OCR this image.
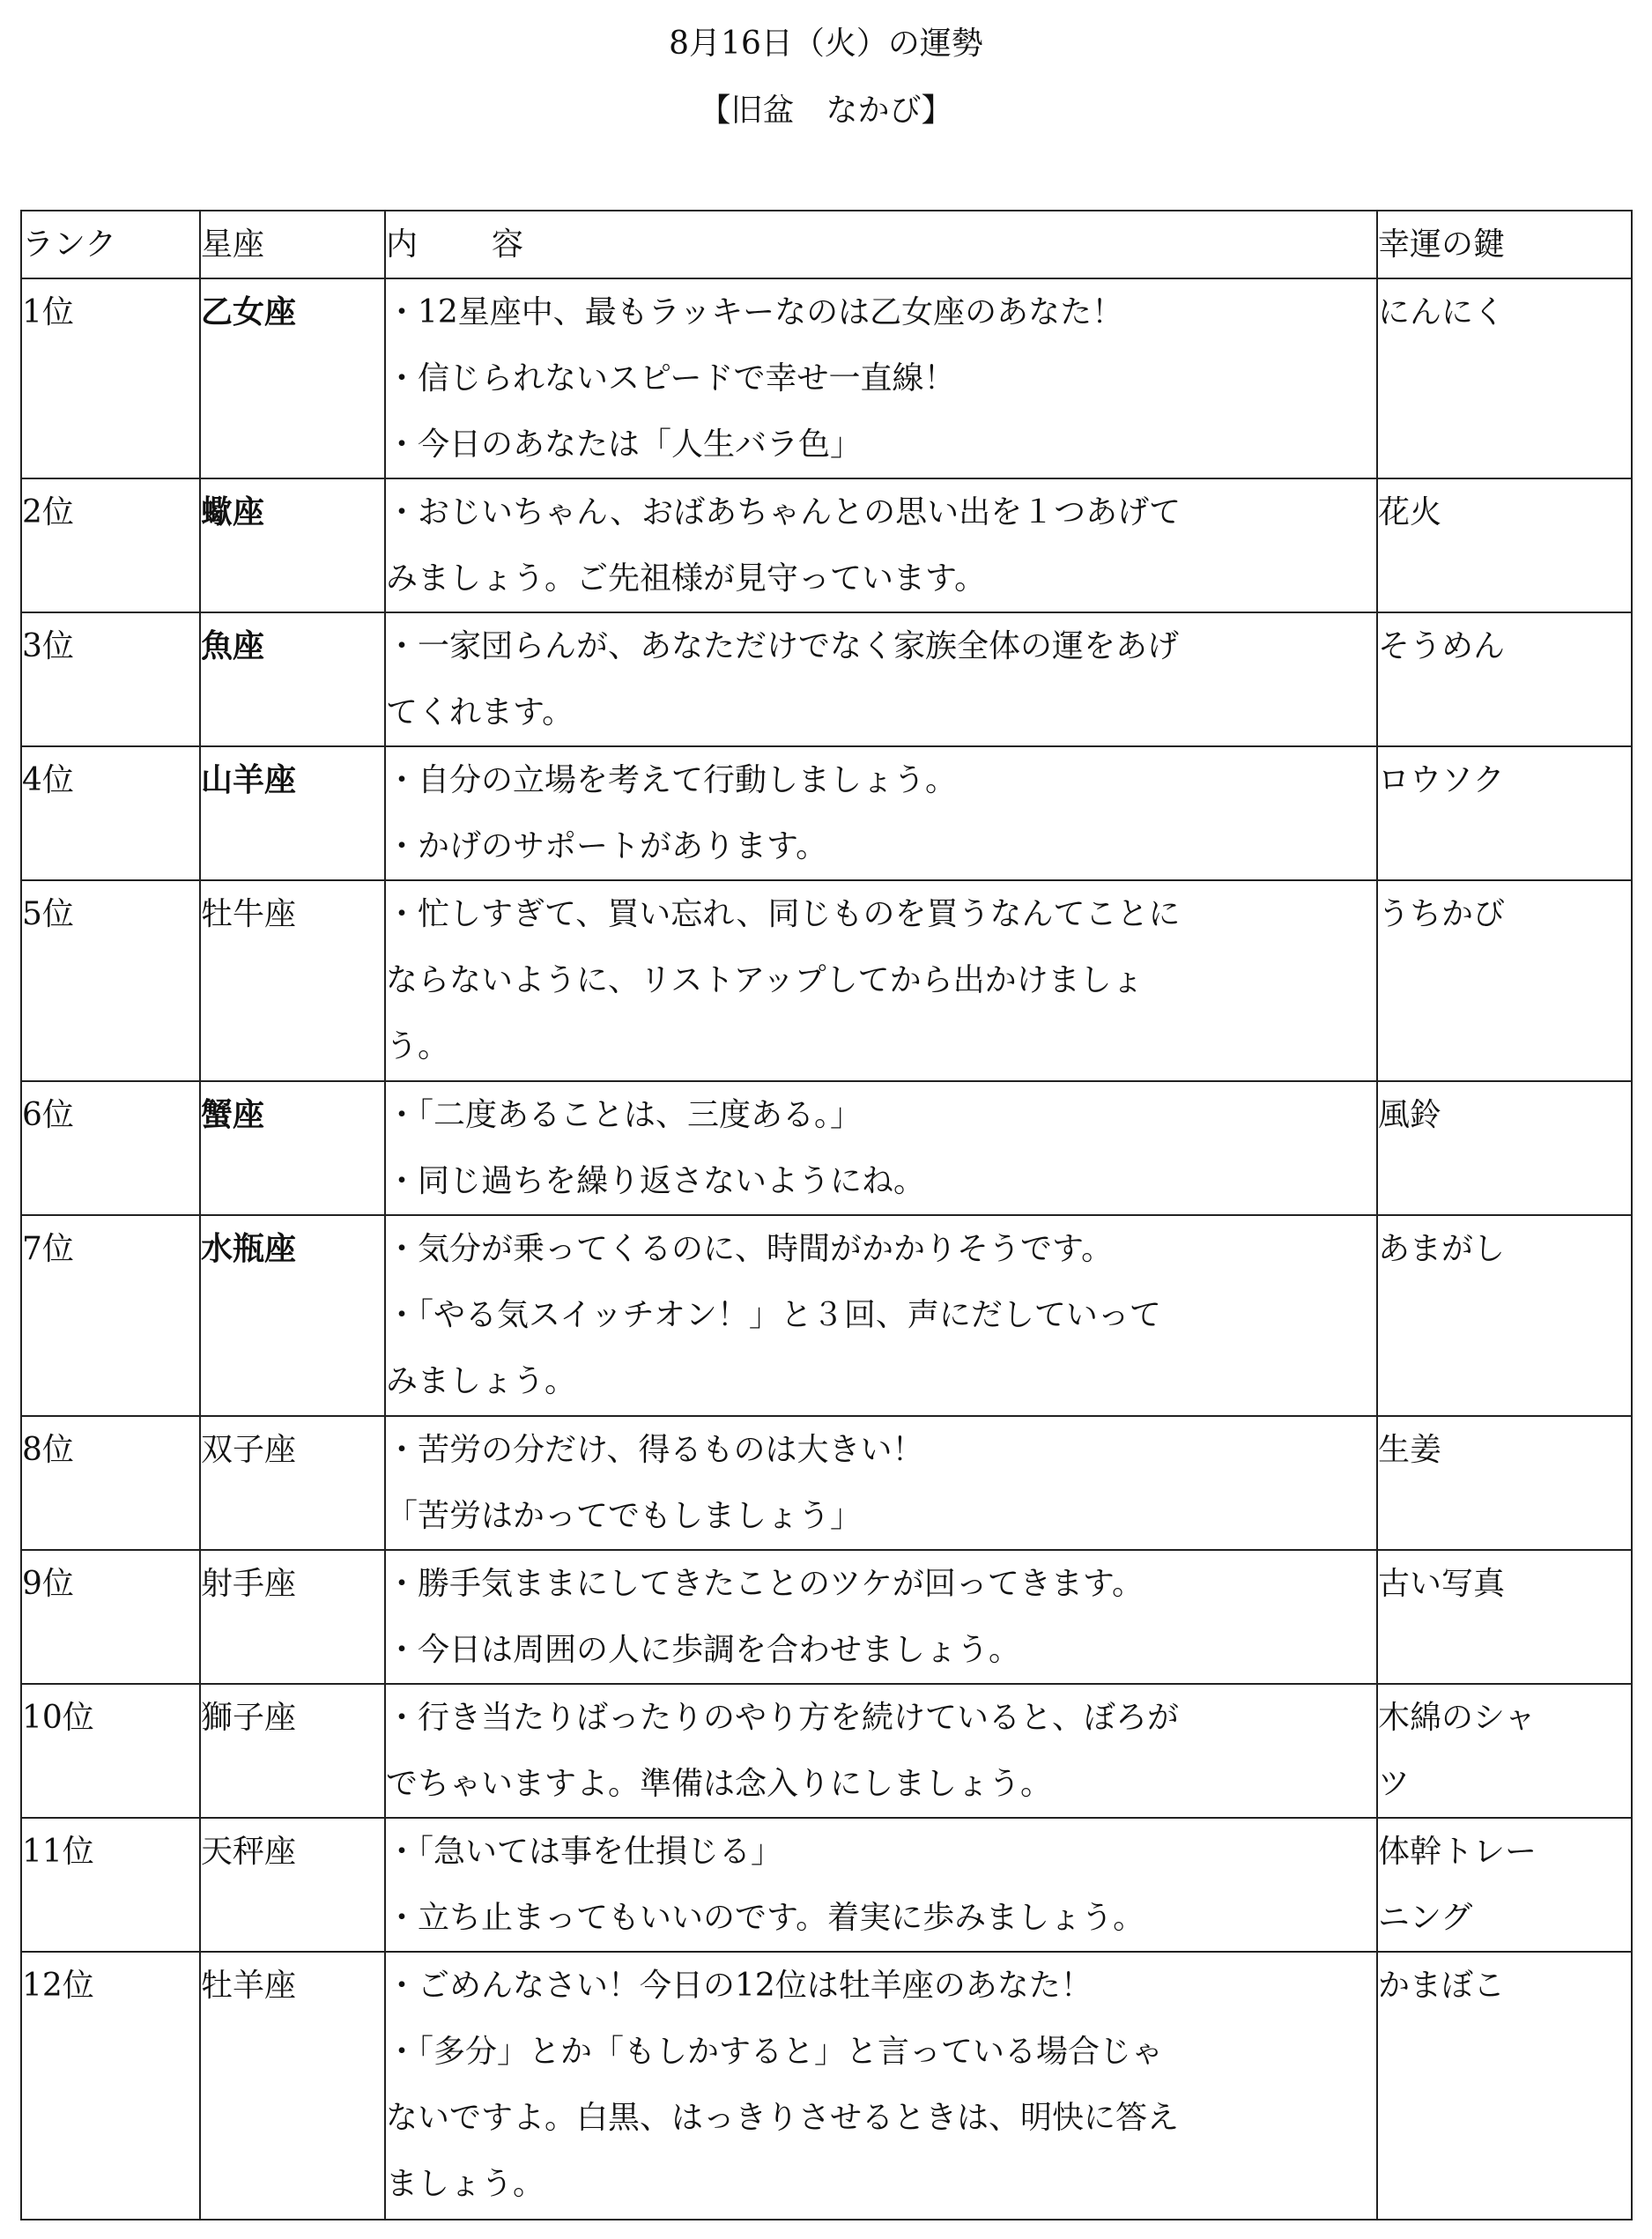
8月16日（火）の運勢
【旧盆　なかび】
ランク	星座	内　　容	幸運の鍵
1位	乙女座	・12星座中、最もラッキーなのは乙女座のあなた！
・信じられないスピードで幸せ一直線！
・今日のあなたは「人生バラ色」	にんにく

2位	蠍座	・おじいちゃん、おばあちゃんとの思い出を１つあげて
みましょう。ご先祖様が見守っています。	花火

3位	魚座	・一家団らんが、あなただけでなく家族全体の運をあげ
てくれます。	そうめん

4位	山羊座	・自分の立場を考えて行動しましょう。
・かげのサポートがあります。	ロウソク

5位	牡牛座	・忙しすぎて、買い忘れ、同じものを買うなんてことに
ならないように、リストアップしてから出かけましょ
う。	うちかび

6位	蟹座	・「二度あることは、三度ある。」
・同じ過ちを繰り返さないようにね。	風鈴

7位	水瓶座	・気分が乗ってくるのに、時間がかかりそうです。
・「やる気スイッチオン！」と３回、声にだしていって
みましょう。	あまがし

8位	双子座	・苦労の分だけ、得るものは大きい！
「苦労はかってでもしましょう」	生姜

9位	射手座	・勝手気ままにしてきたことのツケが回ってきます。
・今日は周囲の人に歩調を合わせましょう。	古い写真

10位	獅子座	・行き当たりばったりのやり方を続けていると、ぼろが
でちゃいますよ。準備は念入りにしましょう。	木綿のシャ
ツ

11位	天秤座	・「急いては事を仕損じる」
・立ち止まってもいいのです。着実に歩みましょう。	体幹トレー
ニング

12位	牡羊座	・ごめんなさい！今日の12位は牡羊座のあなた！
・「多分」とか「もしかすると」と言っている場合じゃ
ないですよ。白黒、はっきりさせるときは、明快に答え
ましょう。	かまぼこ
